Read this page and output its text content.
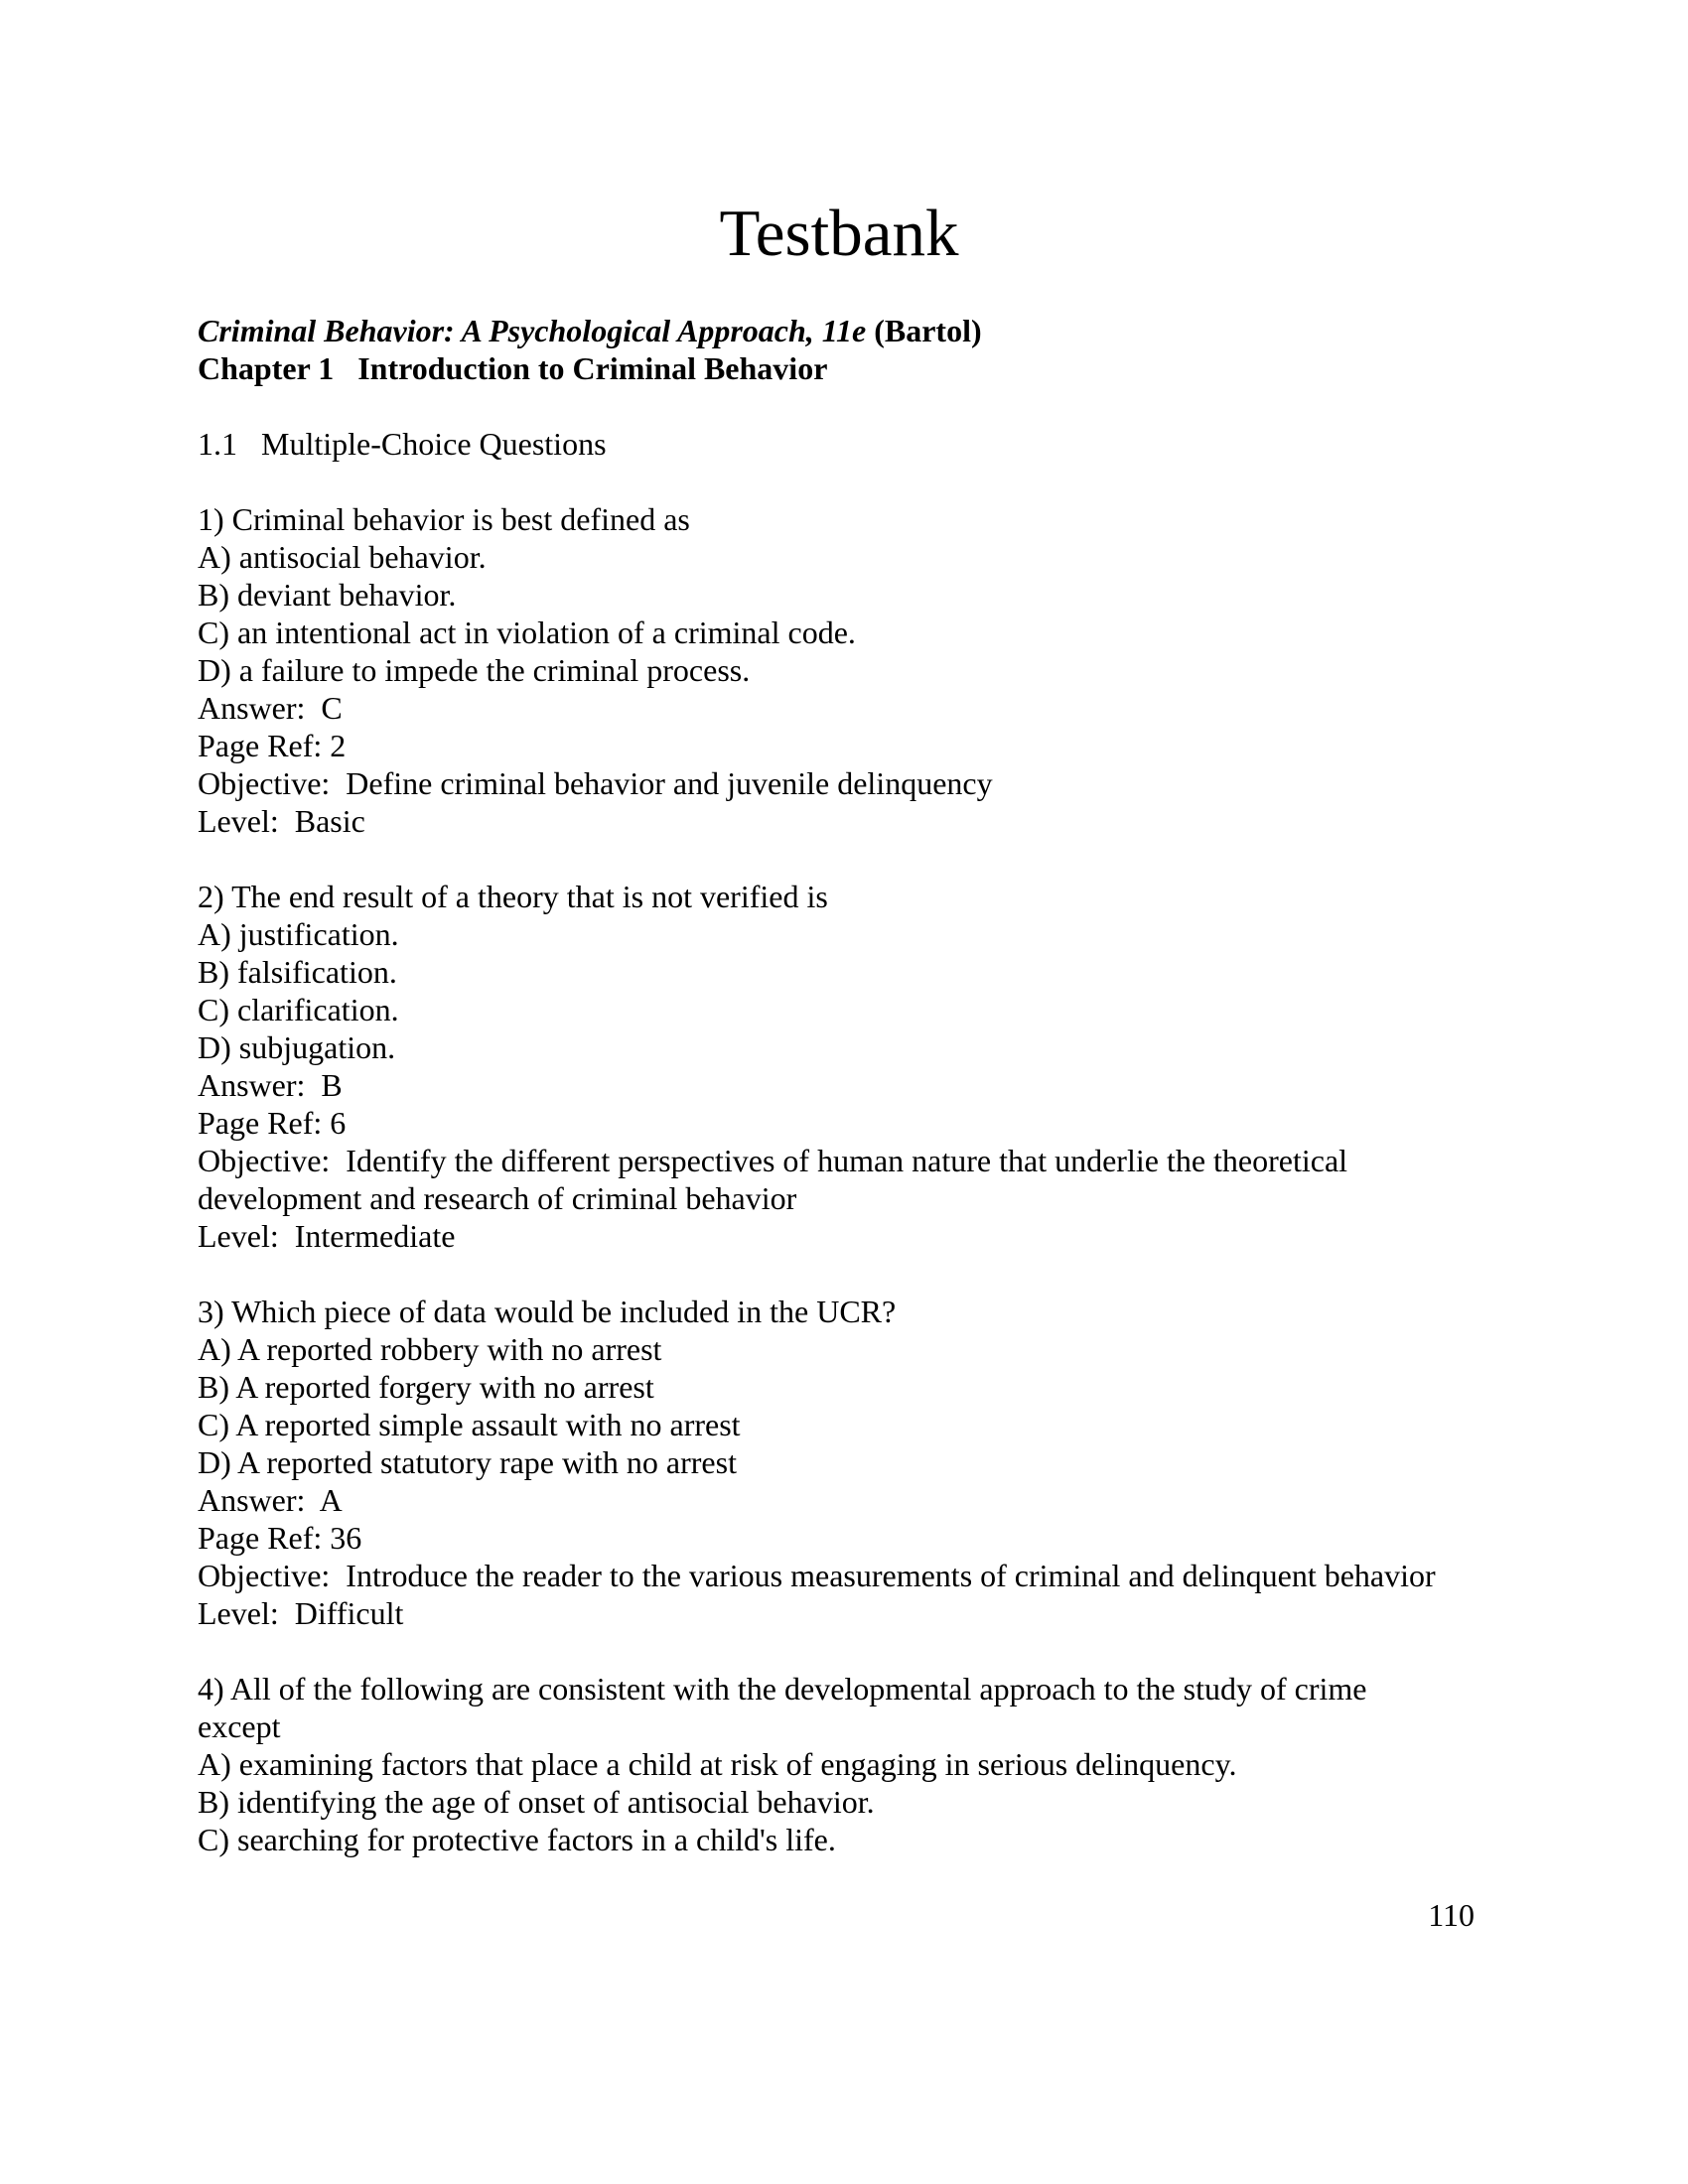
Testbank
Criminal Behavior: A Psychological Approach, 11e (Bartol)
Chapter 1 Introduction to Criminal Behavior
1.1 Multiple-Choice Questions
1) Criminal behavior is best defined as
A) antisocial behavior.
B) deviant behavior.
C) an intentional act in violation of a criminal code.
D) a failure to impede the criminal process.
Answer:  C
Page Ref: 2
Objective:  Define criminal behavior and juvenile delinquency
Level:  Basic
2) The end result of a theory that is not verified is
A) justification.
B) falsification.
C) clarification.
D) subjugation.
Answer:  B
Page Ref: 6
Objective:  Identify the different perspectives of human nature that underlie the theoretical
development and research of criminal behavior
Level:  Intermediate
3) Which piece of data would be included in the UCR?
A) A reported robbery with no arrest
B) A reported forgery with no arrest
C) A reported simple assault with no arrest
D) A reported statutory rape with no arrest
Answer:  A
Page Ref: 36
Objective:  Introduce the reader to the various measurements of criminal and delinquent behavior
Level:  Difficult
4) All of the following are consistent with the developmental approach to the study of crime
except
A) examining factors that place a child at risk of engaging in serious delinquency.
B) identifying the age of onset of antisocial behavior.
C) searching for protective factors in a child's life.
110
